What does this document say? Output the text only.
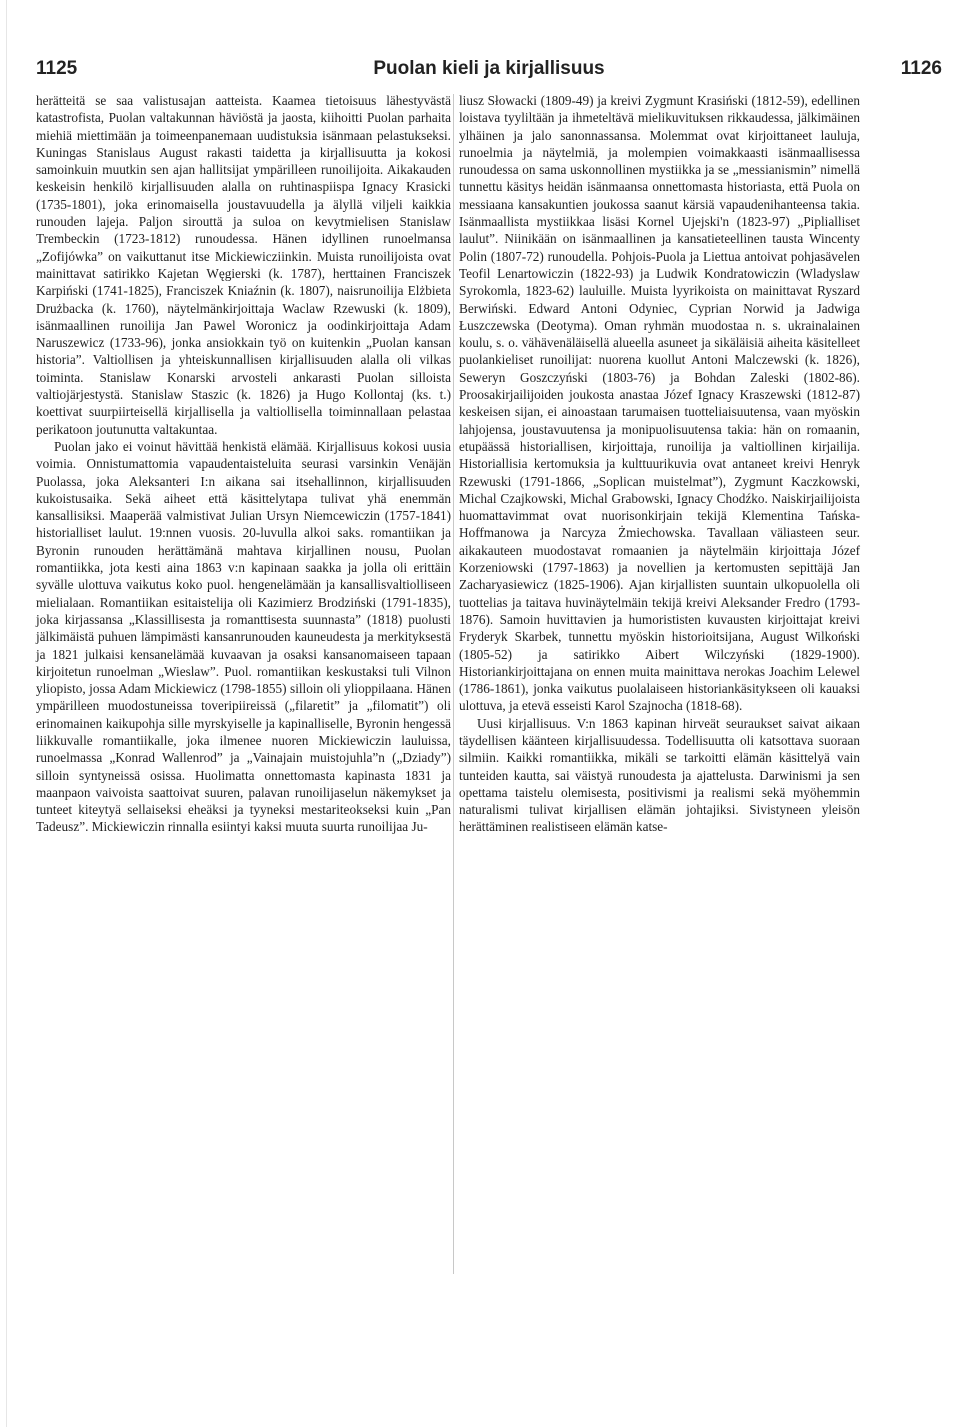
1125	Puolan kieli ja kirjallisuus	1126

herätteitä se saa valistusajan aatteista. Kaamea tietoisuus lähestyvästä katastrofista, Puolan valtakunnan häviöstä ja jaosta, kiihoitti Puolan parhaita miehiä miettimään ja toimeenpanemaan uudistuksia isänmaan pelastukseksi. Kuningas Stanislaus August rakasti taidetta ja kirjallisuutta ja kokosi samoinkuin muutkin sen ajan hallitsijat ympärilleen runoilijoita. Aikakauden keskeisin henkilö kirjallisuuden alalla on ruhtinaspiispa Ignacy Krasicki (1735-1801), joka erinomaisella joustavuudella ja älyllä viljeli kaikkia runouden lajeja. Paljon sirouttä ja suloa on kevytmielisen Stanislaw Trembeckin (1723-1812) runoudessa. Hänen idyllinen runoelmansa „Zofijówka” on vaikuttanut itse Mickiewicziinkin. Muista runoilijoista ovat mainittavat satirikko Kajetan Węgierski (k. 1787), herttainen Franciszek Karpiński (1741-1825), Franciszek Kniaźnin (k. 1807), naisrunoilija Elżbieta Drużbacka (k. 1760), näytelmänkirjoittaja Waclaw Rzewuski (k. 1809), isänmaallinen runoilija Jan Pawel Woronicz ja oodinkirjoittaja Adam Naruszewicz (1733-96), jonka ansiokkain työ on kuitenkin „Puolan kansan historia”. Valtiollisen ja yhteiskunnallisen kirjallisuuden alalla oli vilkas toiminta. Stanislaw Konarski arvosteli ankarasti Puolan silloista valtiojärjestystä. Stanislaw Staszic (k. 1826) ja Hugo Kollontaj (ks. t.) koettivat suurpiirteisellä kirjallisella ja valtiollisella toiminnallaan pelastaa perikatoon joutunutta valtakuntaa.

Puolan jako ei voinut hävittää henkistä elämää. Kirjallisuus kokosi uusia voimia. Onnistumattomia vapaudentaisteluita seurasi varsinkin Venäjän Puolassa, joka Aleksanteri I:n aikana sai itsehallinnon, kirjallisuuden kukoistusaika. Sekä aiheet että käsittelytapa tulivat yhä enemmän kansallisiksi. Maaperää valmistivat Julian Ursyn Niemcewiczin (1757-1841) historialliset laulut. 19:nnen vuosis. 20-luvulla alkoi saks. romantiikan ja Byronin runouden herättämänä mahtava kirjallinen nousu, Puolan romantiikka, jota kesti aina 1863 v:n kapinaan saakka ja jolla oli erittäin syvälle ulottuva vaikutus koko puol. hengenelämään ja kansallisvaltiolliseen mielialaan. Romantiikan esitaistelija oli Kazimierz Brodziński (1791-1835), joka kirjassansa „Klassillisesta ja romanttisesta suunnasta” (1818) puolusti jälkimäistä puhuen lämpimästi kansanrunouden kauneudesta ja merkityksestä ja 1821 julkaisi kensanelämää kuvaavan ja osaksi kansanomaiseen tapaan kirjoitetun runoelman „Wieslaw”. Puol. romantiikan keskustaksi tuli Vilnon yliopisto, jossa Adam Mickiewicz (1798-1855) silloin oli ylioppilaana. Hänen ympärilleen muodostuneissa toveripiireissä („filaretit” ja „filomatit”) oli erinomainen kaikupohja sille myrskyiselle ja kapinalliselle, Byronin hengessä liikkuvalle romantiikalle, joka ilmenee nuoren Mickiewiczin lauluissa, runoelmassa „Konrad Wallenrod” ja „Vainajain muistojuhla”n („Dziady”) silloin syntyneissä osissa. Huolimatta onnettomasta kapinasta 1831 ja maanpaon vaivoista saattoivat suuren, palavan runoilijaselun näkemykset ja tunteet kiteytyä sellaiseksi eheäksi ja tyyneksi mestariteokseksi kuin „Pan Tadeusz”. Mickiewiczin rinnalla esiintyi kaksi muuta suurta runoilijaa Ju-

liusz Słowacki (1809-49) ja kreivi Zygmunt Krasiński (1812-59), edellinen loistava tyyliltään ja ihmeteltävä mielikuvituksen rikkaudessa, jälkimäinen ylhäinen ja jalo sanonnassansa. Molemmat ovat kirjoittaneet lauluja, runoelmia ja näytelmiä, ja molempien voimakkaasti isänmaallisessa runoudessa on sama uskonnollinen mystiikka ja se „messianismin” nimellä tunnettu käsitys heidän isänmaansa onnettomasta historiasta, että Puola on messiaana kansakuntien joukossa saanut kärsiä vapaudenihanteensa takia. Isänmaallista mystiikkaa lisäsi Kornel Ujejski'n (1823-97) „Piplialliset laulut”. Niinikään on isänmaallinen ja kansatieteellinen tausta Wincenty Polin (1807-72) runoudella. Pohjois-Puola ja Liettua antoivat pohjasävelen Teofil Lenartowiczin (1822-93) ja Ludwik Kondratowiczin (Wladyslaw Syrokomla, 1823-62) lauluille. Muista lyyrikoista on mainittavat Ryszard Berwiński. Edward Antoni Odyniec, Cyprian Norwid ja Jadwiga Łuszczewska (Deotyma). Oman ryhmän muodostaa n. s. ukrainalainen koulu, s. o. vähävenäläisellä alueella asuneet ja sikäläisiä aiheita käsitelleet puolankieliset runoilijat: nuorena kuollut Antoni Malczewski (k. 1826), Seweryn Goszczyński (1803-76) ja Bohdan Zaleski (1802-86). Proosakirjailijoiden joukosta anastaa Józef Ignacy Kraszewski (1812-87) keskeisen sijan, ei ainoastaan tarumaisen tuotteliaisuutensa, vaan myöskin lahjojensa, joustavuutensa ja monipuolisuutensa takia: hän on romaanin, etupäässä historiallisen, kirjoittaja, runoilija ja valtiollinen kirjailija. Historiallisia kertomuksia ja kulttuurikuvia ovat antaneet kreivi Henryk Rzewuski (1791-1866, „Soplican muistelmat”), Zygmunt Kaczkowski, Michal Czajkowski, Michal Grabowski, Ignacy Chodźko. Naiskirjailijoista huomattavimmat ovat nuorisonkirjain tekijä Klementina Tańska-Hoffmanowa ja Narcyza Żmiechowska. Tavallaan väliasteen seur. aikakauteen muodostavat romaanien ja näytelmäin kirjoittaja Józef Korzeniowski (1797-1863) ja novellien ja kertomusten sepittäjä Jan Zacharyasiewicz (1825-1906). Ajan kirjallisten suuntain ulkopuolella oli tuottelias ja taitava huvinäytelmäin tekijä kreivi Aleksander Fredro (1793-1876). Samoin huvittavien ja humorististen kuvausten kirjoittajat kreivi Fryderyk Skarbek, tunnettu myöskin historioitsijana, August Wilkoński (1805-52) ja satirikko Aibert Wilczyński (1829-1900). Historiankirjoittajana on ennen muita mainittava nerokas Joachim Lelewel (1786-1861), jonka vaikutus puolalaiseen historiankäsitykseen oli kauaksi ulottuva, ja etevä esseisti Karol Szajnocha (1818-68).

Uusi kirjallisuus. V:n 1863 kapinan hirveät seuraukset saivat aikaan täydellisen käänteen kirjallisuudessa. Todellisuutta oli katsottava suoraan silmiin. Kaikki romantiikka, mikäli se tarkoitti elämän käsittelyä vain tunteiden kautta, sai väistyä runoudesta ja ajattelusta. Darwinismi ja sen opettama taistelu olemisesta, positivismi ja realismi sekä myöhemmin naturalismi tulivat kirjallisen elämän johtajiksi. Sivistyneen yleisön herättäminen realistiseen elämän katse-
